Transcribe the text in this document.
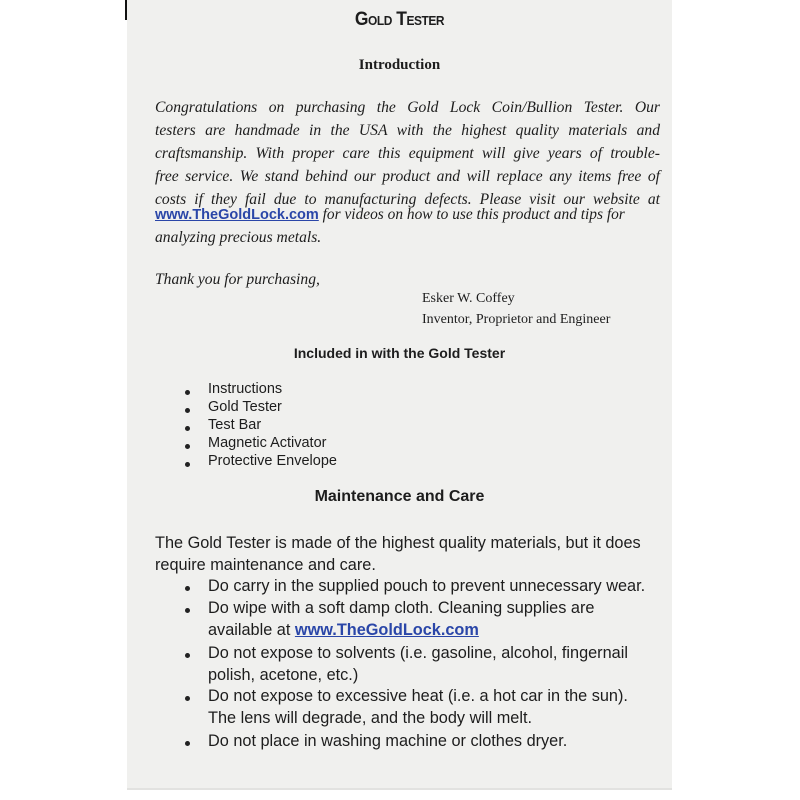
Gold Tester
Introduction
Congratulations on purchasing the Gold Lock Coin/Bullion Tester. Our
testers are handmade in the USA with the highest quality materials and
craftsmanship. With proper care this equipment will give years of trouble-
free service. We stand behind our product and will replace any items free of
costs if they fail due to manufacturing defects. Please visit our website at
www.TheGoldLock.com for videos on how to use this product and tips for
analyzing precious metals.
Thank you for purchasing,
Esker W. Coffey
Inventor, Proprietor and Engineer
Included in with the Gold Tester
Instructions
Gold Tester
Test Bar
Magnetic Activator
Protective Envelope
Maintenance and Care
The Gold Tester is made of the highest quality materials, but it does
require maintenance and care.
Do carry in the supplied pouch to prevent unnecessary wear.
Do wipe with a soft damp cloth. Cleaning supplies are
available at www.TheGoldLock.com
Do not expose to solvents (i.e. gasoline, alcohol, fingernail
polish, acetone, etc.)
Do not expose to excessive heat (i.e. a hot car in the sun).
The lens will degrade, and the body will melt.
Do not place in washing machine or clothes dryer.
